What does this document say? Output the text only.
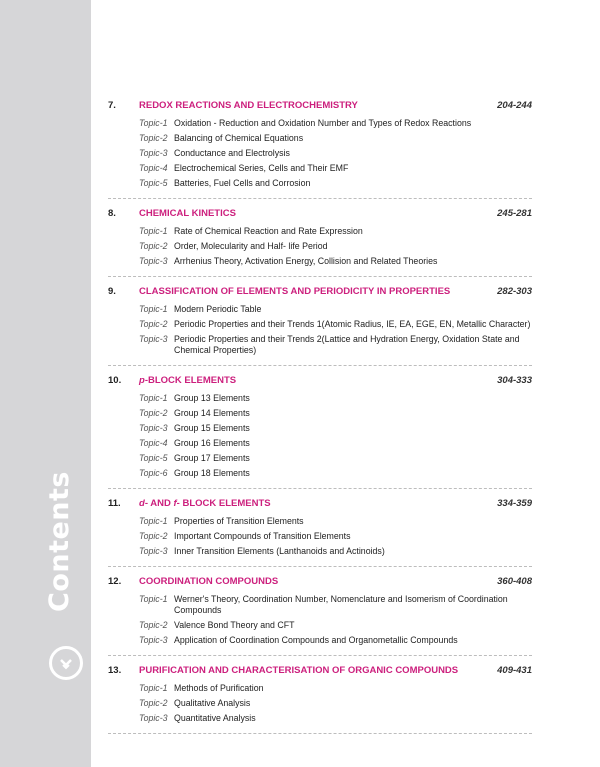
Contents
7.	REDOX REACTIONS AND ELECTROCHEMISTRY	204-244
Topic-1 Oxidation - Reduction and Oxidation Number and Types of Redox Reactions
Topic-2 Balancing of Chemical Equations
Topic-3 Conductance and Electrolysis
Topic-4 Electrochemical Series, Cells and Their EMF
Topic-5 Batteries, Fuel Cells and Corrosion
8.	CHEMICAL KINETICS	245-281
Topic-1 Rate of Chemical Reaction and Rate Expression
Topic-2 Order, Molecularity and Half- life Period
Topic-3 Arrhenius Theory, Activation Energy, Collision and Related Theories
9.	CLASSIFICATION OF ELEMENTS AND PERIODICITY IN PROPERTIES	282-303
Topic-1 Modern Periodic Table
Topic-2 Periodic Properties and their Trends 1(Atomic Radius, IE, EA, EGE, EN, Metallic Character)
Topic-3 Periodic Properties and their Trends 2(Lattice and Hydration Energy, Oxidation State and Chemical Properties)
10.	p-BLOCK ELEMENTS	304-333
Topic-1 Group 13 Elements
Topic-2 Group 14 Elements
Topic-3 Group 15 Elements
Topic-4 Group 16 Elements
Topic-5 Group 17 Elements
Topic-6 Group 18 Elements
11.	d- AND f- BLOCK ELEMENTS	334-359
Topic-1 Properties of Transition Elements
Topic-2 Important Compounds of Transition Elements
Topic-3 Inner Transition Elements (Lanthanoids and Actinoids)
12.	COORDINATION COMPOUNDS	360-408
Topic-1 Werner's Theory, Coordination Number, Nomenclature and Isomerism of Coordination Compounds
Topic-2 Valence Bond Theory and CFT
Topic-3 Application of Coordination Compounds and Organometallic Compounds
13.	PURIFICATION AND CHARACTERISATION OF ORGANIC COMPOUNDS	409-431
Topic-1 Methods of Purification
Topic-2 Qualitative Analysis
Topic-3 Quantitative Analysis
